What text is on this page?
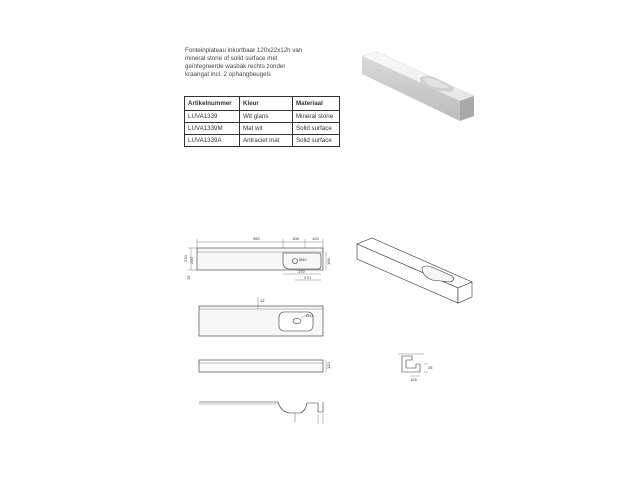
Fonteinplateau inkortbaar 120x22x12h van
mineral stone of solid surface met
geïntegreerde wasbak rechts zonder
kraangat incl. 2 ophangbeugels
Artikelnummer	Kleur	Materiaal
LUVA1339	Wit glans	Mineral stone
LUVA1339M	Mat wit	Solid surface
LUVA1339A	Antraciet mat	Solid surface
960	108	120
220 200
15
168
Ø40
170
270
12
Ø33
120	25
125
